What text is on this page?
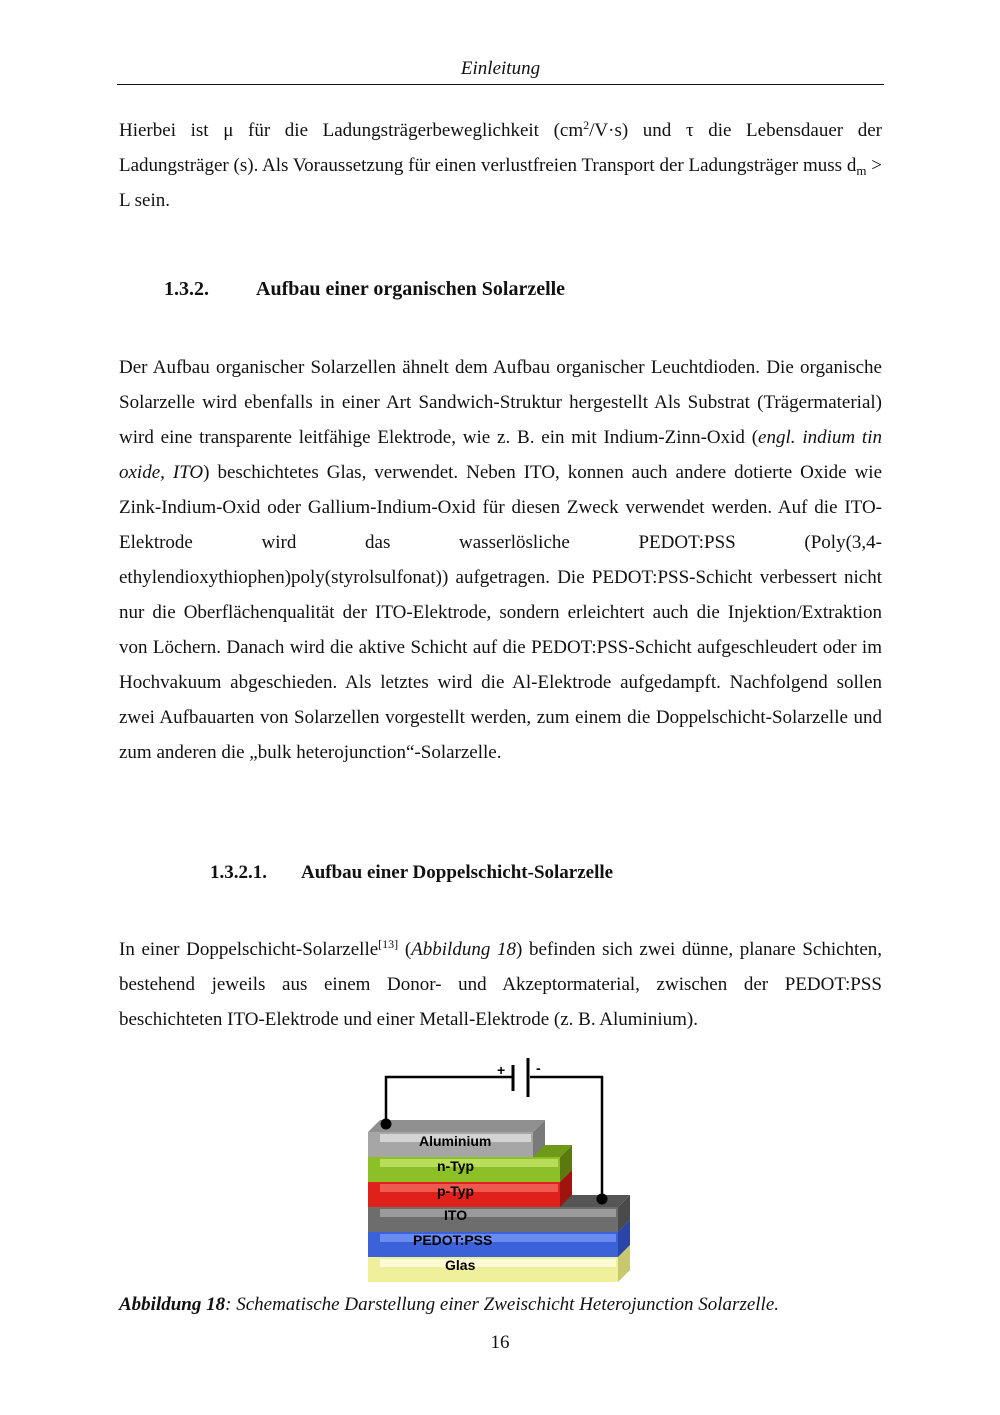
Einleitung

Hierbei ist μ für die Ladungsträgerbeweglichkeit $(cm^2/V\cdot s)$ und τ die Lebensdauer der Ladungsträger (s). Als Voraussetzung für einen verlustfreien Transport der Ladungsträger muss $d_m > L$ sein.

1.3.2. Aufbau einer organischen Solarzelle

Der Aufbau organischer Solarzellen ähnelt dem Aufbau organischer Leuchtdioden. Die organische Solarzelle wird ebenfalls in einer Art Sandwich-Struktur hergestellt Als Substrat (Trägermaterial) wird eine transparente leitfähige Elektrode, wie z. B. ein mit Indium-Zinn-Oxid (engl. indium tin oxide, ITO) beschichtetes Glas, verwendet. Neben ITO, konnen auch andere dotierte Oxide wie Zink-Indium-Oxid oder Gallium-Indium-Oxid für diesen Zweck verwendet werden. Auf die ITO-Elektrode wird das wasserlösliche PEDOT:PSS (Poly(3,4-ethylendioxythiophen)poly(styrolsulfonat)) aufgetragen. Die PEDOT:PSS-Schicht verbessert nicht nur die Oberflächenqualität der ITO-Elektrode, sondern erleichtert auch die Injektion/Extraktion von Löchern. Danach wird die aktive Schicht auf die PEDOT:PSS-Schicht aufgeschleudert oder im Hochvakuum abgeschieden. Als letztes wird die Al-Elektrode aufgedampft. Nachfolgend sollen zwei Aufbauarten von Solarzellen vorgestellt werden, zum einem die Doppelschicht-Solarzelle und zum anderen die „bulk heterojunction“-Solarzelle.

1.3.2.1. Aufbau einer Doppelschicht-Solarzelle

In einer Doppelschicht-Solarzelle[13] (Abbildung 18) befinden sich zwei dünne, planare Schichten, bestehend jeweils aus einem Donor- und Akzeptormaterial, zwischen der PEDOT:PSS beschichteten ITO-Elektrode und einer Metall-Elektrode (z. B. Aluminium).

+ -
Glas
PEDOT:PSS
ITO
p-Typ
n-Typ
Aluminium
Abbildung 18: Schematische Darstellung einer Zweischicht Heterojunction Solarzelle.
16
